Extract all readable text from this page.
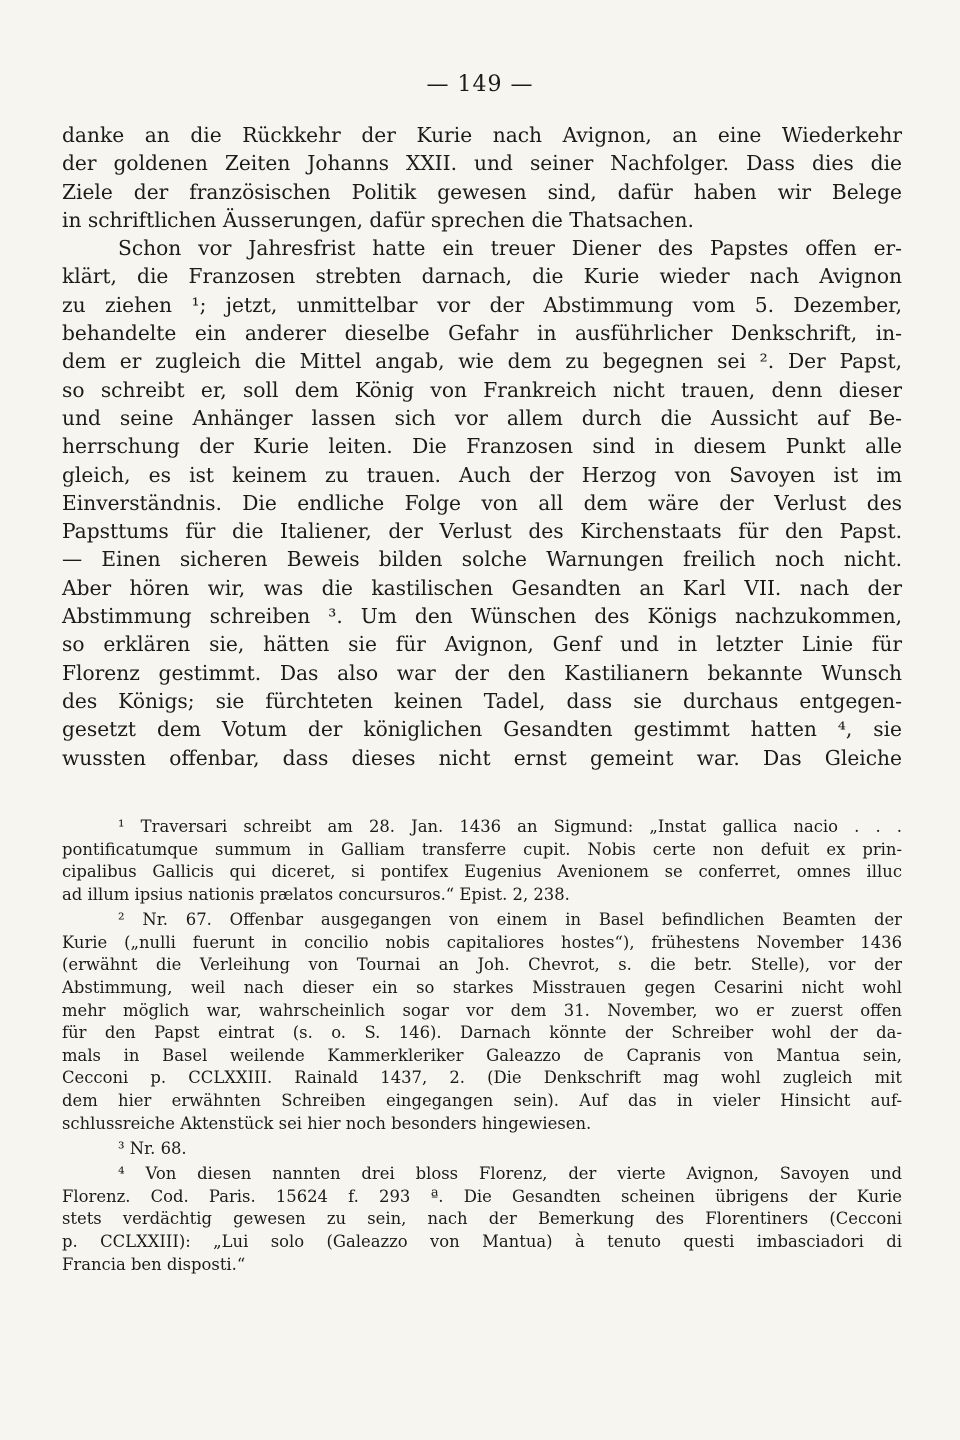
— 149 —
danke an die Rückkehr der Kurie nach Avignon, an eine Wiederkehr
der goldenen Zeiten Johanns XXII. und seiner Nachfolger. Dass dies die
Ziele der französischen Politik gewesen sind, dafür haben wir Belege
in schriftlichen Äusserungen, dafür sprechen die Thatsachen.
Schon vor Jahresfrist hatte ein treuer Diener des Papstes offen er-
klärt, die Franzosen strebten darnach, die Kurie wieder nach Avignon
zu ziehen ¹; jetzt, unmittelbar vor der Abstimmung vom 5. Dezember,
behandelte ein anderer dieselbe Gefahr in ausführlicher Denkschrift, in-
dem er zugleich die Mittel angab, wie dem zu begegnen sei ². Der Papst,
so schreibt er, soll dem König von Frankreich nicht trauen, denn dieser
und seine Anhänger lassen sich vor allem durch die Aussicht auf Be-
herrschung der Kurie leiten. Die Franzosen sind in diesem Punkt alle
gleich, es ist keinem zu trauen. Auch der Herzog von Savoyen ist im
Einverständnis. Die endliche Folge von all dem wäre der Verlust des
Papsttums für die Italiener, der Verlust des Kirchenstaats für den Papst.
— Einen sicheren Beweis bilden solche Warnungen freilich noch nicht.
Aber hören wir, was die kastilischen Gesandten an Karl VII. nach der
Abstimmung schreiben ³. Um den Wünschen des Königs nachzukommen,
so erklären sie, hätten sie für Avignon, Genf und in letzter Linie für
Florenz gestimmt. Das also war der den Kastilianern bekannte Wunsch
des Königs; sie fürchteten keinen Tadel, dass sie durchaus entgegen-
gesetzt dem Votum der königlichen Gesandten gestimmt hatten ⁴, sie
wussten offenbar, dass dieses nicht ernst gemeint war. Das Gleiche
¹ Traversari schreibt am 28. Jan. 1436 an Sigmund: „Instat gallica nacio . . .
pontificatumque summum in Galliam transferre cupit. Nobis certe non defuit ex prin-
cipalibus Gallicis qui diceret, si pontifex Eugenius Avenionem se conferret, omnes illuc
ad illum ipsius nationis prælatos concursuros.“ Epist. 2, 238.
² Nr. 67. Offenbar ausgegangen von einem in Basel befindlichen Beamten der
Kurie („nulli fuerunt in concilio nobis capitaliores hostes“), frühestens November 1436
(erwähnt die Verleihung von Tournai an Joh. Chevrot, s. die betr. Stelle), vor der
Abstimmung, weil nach dieser ein so starkes Misstrauen gegen Cesarini nicht wohl
mehr möglich war, wahrscheinlich sogar vor dem 31. November, wo er zuerst offen
für den Papst eintrat (s. o. S. 146). Darnach könnte der Schreiber wohl der da-
mals in Basel weilende Kammerkleriker Galeazzo de Capranis von Mantua sein,
Cecconi p. CCLXXIII. Rainald 1437, 2. (Die Denkschrift mag wohl zugleich mit
dem hier erwähnten Schreiben eingegangen sein). Auf das in vieler Hinsicht auf-
schlussreiche Aktenstück sei hier noch besonders hingewiesen.
³ Nr. 68.
⁴ Von diesen nannten drei bloss Florenz, der vierte Avignon, Savoyen und
Florenz. Cod. Paris. 15624 f. 293 ª. Die Gesandten scheinen übrigens der Kurie
stets verdächtig gewesen zu sein, nach der Bemerkung des Florentiners (Cecconi
p. CCLXXIII): „Lui solo (Galeazzo von Mantua) à tenuto questi imbasciadori di
Francia ben disposti.“
